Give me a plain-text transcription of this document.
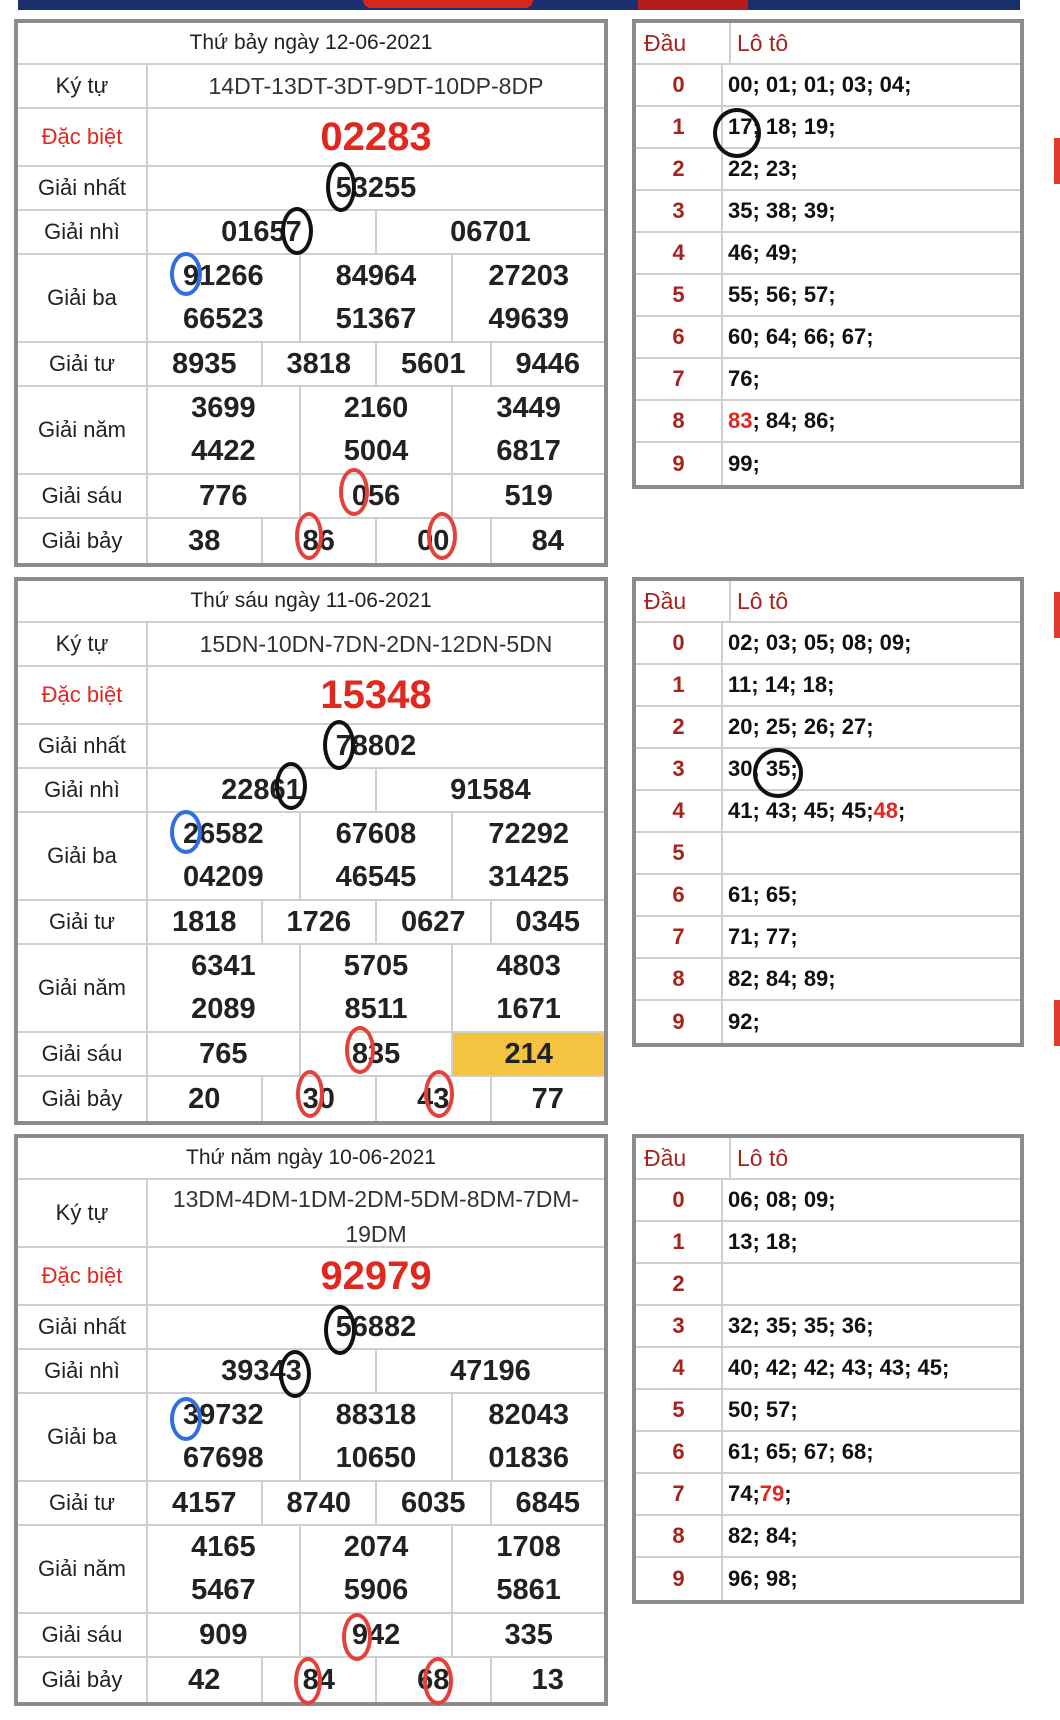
Thứ bảy ngày 12-06-2021
Ký tự	14DT-13DT-3DT-9DT-10DP-8DP
Đặc biệt	02283
Giải nhất	53255
Giải nhì	01657	06701
Giải ba
91266	84964	27203
66523	51367	49639
Giải tư	8935	3818	5601	9446
Giải năm
3699	2160	3449
4422	5004	6817
Giải sáu	776	056	519
Giải bảy	38	86	00	84
Đầu	Lô tô
0	00; 01; 01; 03; 04;
1	17; 18; 19;
2	22; 23;
3	35; 38; 39;
4	46; 49;
5	55; 56; 57;
6	60; 64; 66; 67;
7	76;
8	83 ; 84; 86;
9	99;
Thứ sáu ngày 11-06-2021
Ký tự	15DN-10DN-7DN-2DN-12DN-5DN
Đặc biệt	15348
Giải nhất	78802
Giải nhì	22861	91584
Giải ba
26582	67608	72292
04209	46545	31425
Giải tư	1818	1726	0627	0345
Giải năm
6341	5705	4803
2089	8511	1671
Giải sáu	765	835	214
Giải bảy	20	30	43	77
Đầu	Lô tô
0	02; 03; 05; 08; 09;
1	11; 14; 18;
2	20; 25; 26; 27;
3	30; 35;
4	41; 43; 45; 45; 48 ;
5
6	61; 65;
7	71; 77;
8	82; 84; 89;
9	92;
Thứ năm ngày 10-06-2021
Ký tự
13DM-4DM-1DM-2DM-5DM-8DM-7DM-19DM
Đặc biệt	92979
Giải nhất	56882
Giải nhì	39343	47196
Giải ba
39732	88318	82043
67698	10650	01836
Giải tư	4157	8740	6035	6845
Giải năm
4165	2074	1708
5467	5906	5861
Giải sáu	909	942	335
Giải bảy	42	84	68	13
Đầu	Lô tô
0	06; 08; 09;
1	13; 18;
2
3	32; 35; 35; 36;
4	40; 42; 42; 43; 43; 45;
5	50; 57;
6	61; 65; 67; 68;
7	74; 79 ;
8	82; 84;
9	96; 98;
